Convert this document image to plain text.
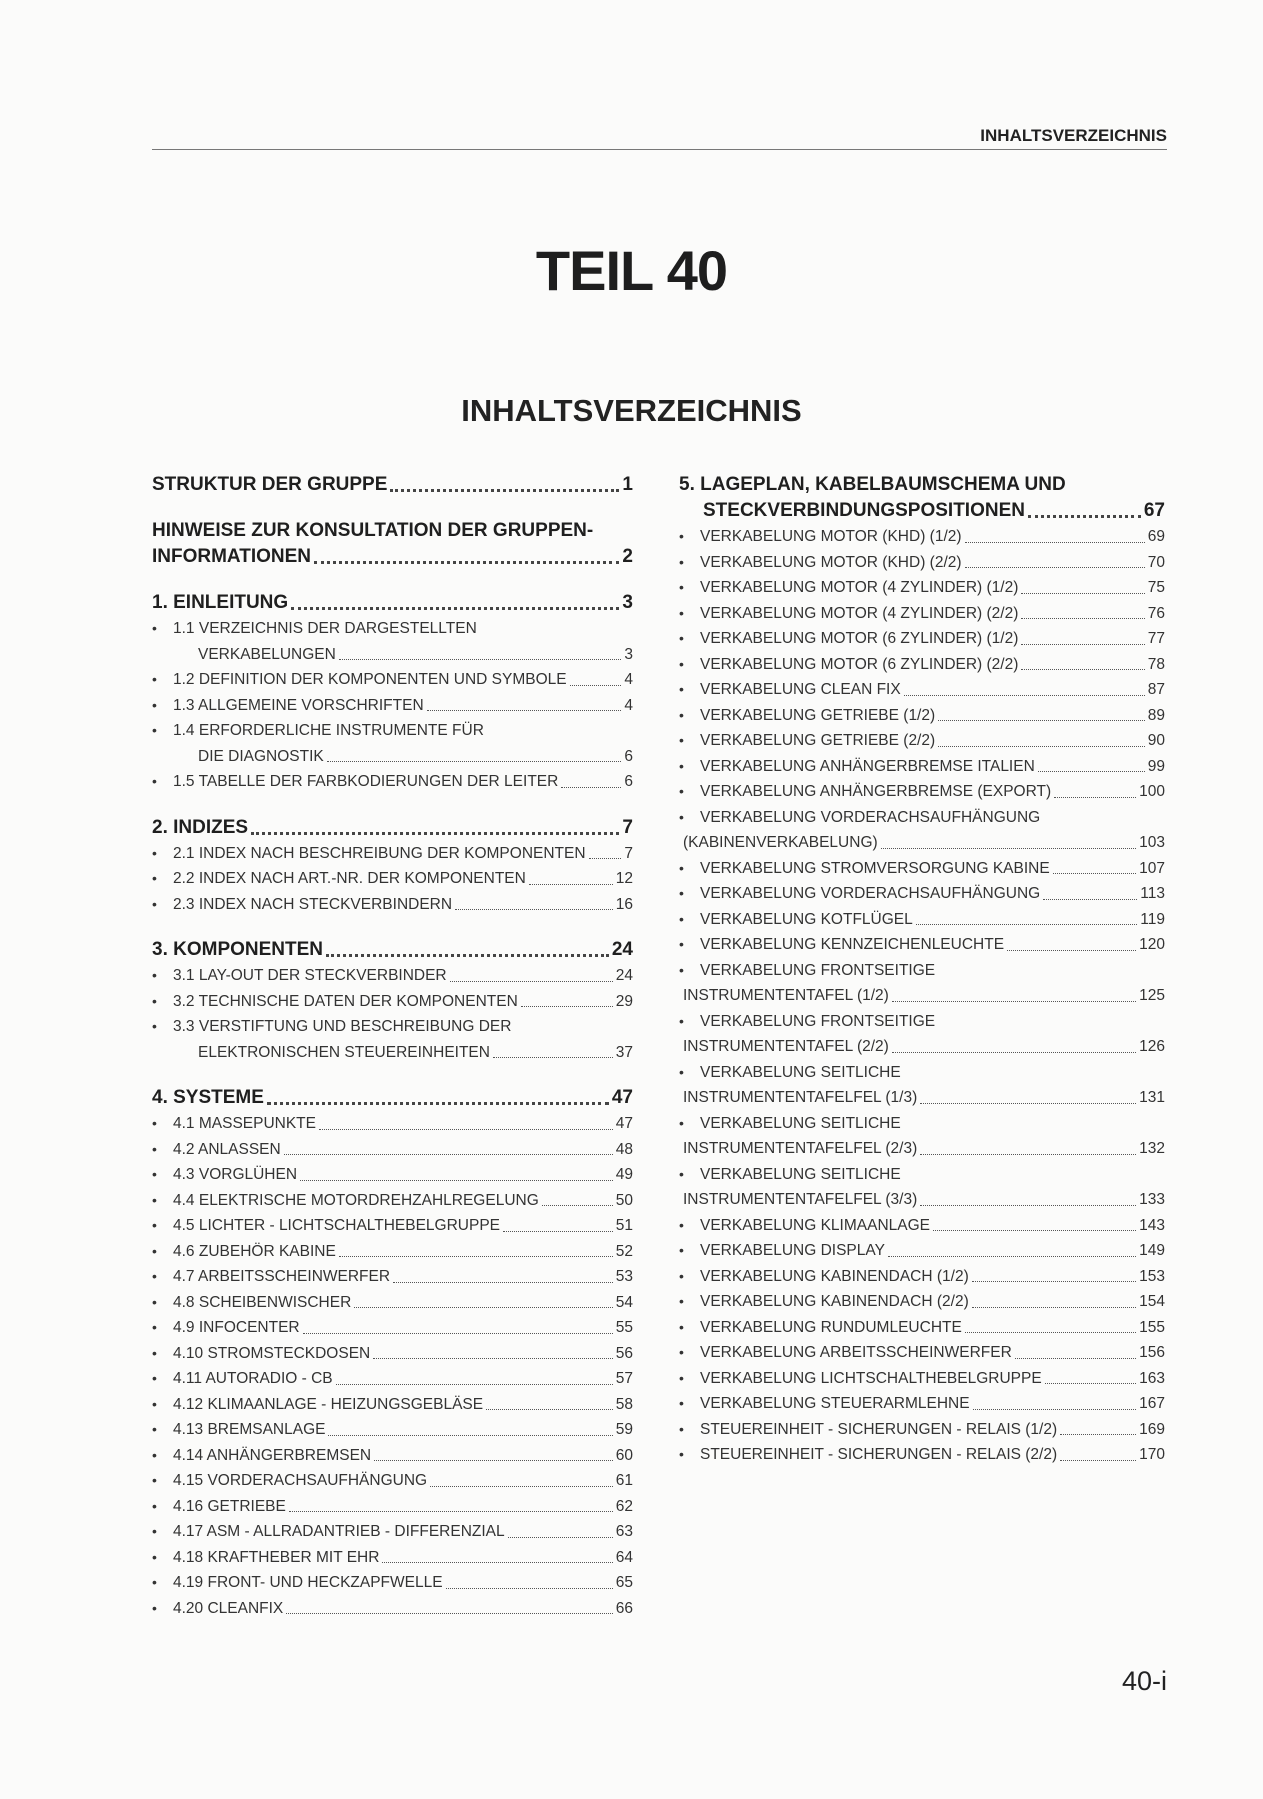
INHALTSVERZEICHNIS
TEIL 40
INHALTSVERZEICHNIS
STRUKTUR DER GRUPPE	1
HINWEISE ZUR KONSULTATION DER GRUPPEN-
INFORMATIONEN	2
1. EINLEITUNG	3
•	1.1 VERZEICHNIS DER DARGESTELLTEN
VERKABELUNGEN	3
•	1.2 DEFINITION DER KOMPONENTEN UND SYMBOLE	4
•	1.3 ALLGEMEINE VORSCHRIFTEN	4
•	1.4 ERFORDERLICHE INSTRUMENTE FÜR
DIE DIAGNOSTIK	6
•	1.5 TABELLE DER FARBKODIERUNGEN DER LEITER	6
2. INDIZES	7
•	2.1 INDEX NACH BESCHREIBUNG DER KOMPONENTEN	7
•	2.2 INDEX NACH ART.-NR. DER KOMPONENTEN	12
•	2.3 INDEX NACH STECKVERBINDERN	16
3. KOMPONENTEN	24
•	3.1 LAY-OUT DER STECKVERBINDER	24
•	3.2 TECHNISCHE DATEN DER KOMPONENTEN	29
•	3.3 VERSTIFTUNG UND BESCHREIBUNG DER
ELEKTRONISCHEN STEUEREINHEITEN	37
4. SYSTEME	47
•	4.1 MASSEPUNKTE	47
•	4.2 ANLASSEN	48
•	4.3 VORGLÜHEN	49
•	4.4 ELEKTRISCHE MOTORDREHZAHLREGELUNG	50
•	4.5 LICHTER - LICHTSCHALTHEBELGRUPPE	51
•	4.6 ZUBEHÖR KABINE	52
•	4.7 ARBEITSSCHEINWERFER	53
•	4.8 SCHEIBENWISCHER	54
•	4.9 INFOCENTER	55
•	4.10 STROMSTECKDOSEN	56
•	4.11 AUTORADIO - CB	57
•	4.12 KLIMAANLAGE - HEIZUNGSGEBLÄSE	58
•	4.13 BREMSANLAGE	59
•	4.14 ANHÄNGERBREMSEN	60
•	4.15 VORDERACHSAUFHÄNGUNG	61
•	4.16 GETRIEBE	62
•	4.17 ASM - ALLRADANTRIEB - DIFFERENZIAL	63
•	4.18 KRAFTHEBER MIT EHR	64
•	4.19 FRONT- UND HECKZAPFWELLE	65
•	4.20 CLEANFIX	66
5. LAGEPLAN, KABELBAUMSCHEMA UND
STECKVERBINDUNGSPOSITIONEN	67
•	VERKABELUNG MOTOR (KHD) (1/2)	69
•	VERKABELUNG MOTOR (KHD) (2/2)	70
•	VERKABELUNG MOTOR (4 ZYLINDER) (1/2)	75
•	VERKABELUNG MOTOR (4 ZYLINDER) (2/2)	76
•	VERKABELUNG MOTOR (6 ZYLINDER) (1/2)	77
•	VERKABELUNG MOTOR (6 ZYLINDER) (2/2)	78
•	VERKABELUNG CLEAN FIX	87
•	VERKABELUNG GETRIEBE (1/2)	89
•	VERKABELUNG GETRIEBE (2/2)	90
•	VERKABELUNG ANHÄNGERBREMSE ITALIEN	99
•	VERKABELUNG ANHÄNGERBREMSE (EXPORT)	100
•	VERKABELUNG VORDERACHSAUFHÄNGUNG
(KABINENVERKABELUNG)	103
•	VERKABELUNG STROMVERSORGUNG KABINE	107
•	VERKABELUNG VORDERACHSAUFHÄNGUNG	113
•	VERKABELUNG KOTFLÜGEL	119
•	VERKABELUNG KENNZEICHENLEUCHTE	120
•	VERKABELUNG FRONTSEITIGE
INSTRUMENTENTAFEL (1/2)	125
•	VERKABELUNG FRONTSEITIGE
INSTRUMENTENTAFEL (2/2)	126
•	VERKABELUNG SEITLICHE
INSTRUMENTENTAFELFEL (1/3)	131
•	VERKABELUNG SEITLICHE
INSTRUMENTENTAFELFEL (2/3)	132
•	VERKABELUNG SEITLICHE
INSTRUMENTENTAFELFEL (3/3)	133
•	VERKABELUNG KLIMAANLAGE	143
•	VERKABELUNG DISPLAY	149
•	VERKABELUNG KABINENDACH (1/2)	153
•	VERKABELUNG KABINENDACH (2/2)	154
•	VERKABELUNG RUNDUMLEUCHTE	155
•	VERKABELUNG ARBEITSSCHEINWERFER	156
•	VERKABELUNG LICHTSCHALTHEBELGRUPPE	163
•	VERKABELUNG STEUERARMLEHNE	167
•	STEUEREINHEIT - SICHERUNGEN - RELAIS (1/2)	169
•	STEUEREINHEIT - SICHERUNGEN - RELAIS (2/2)	170
40-i
